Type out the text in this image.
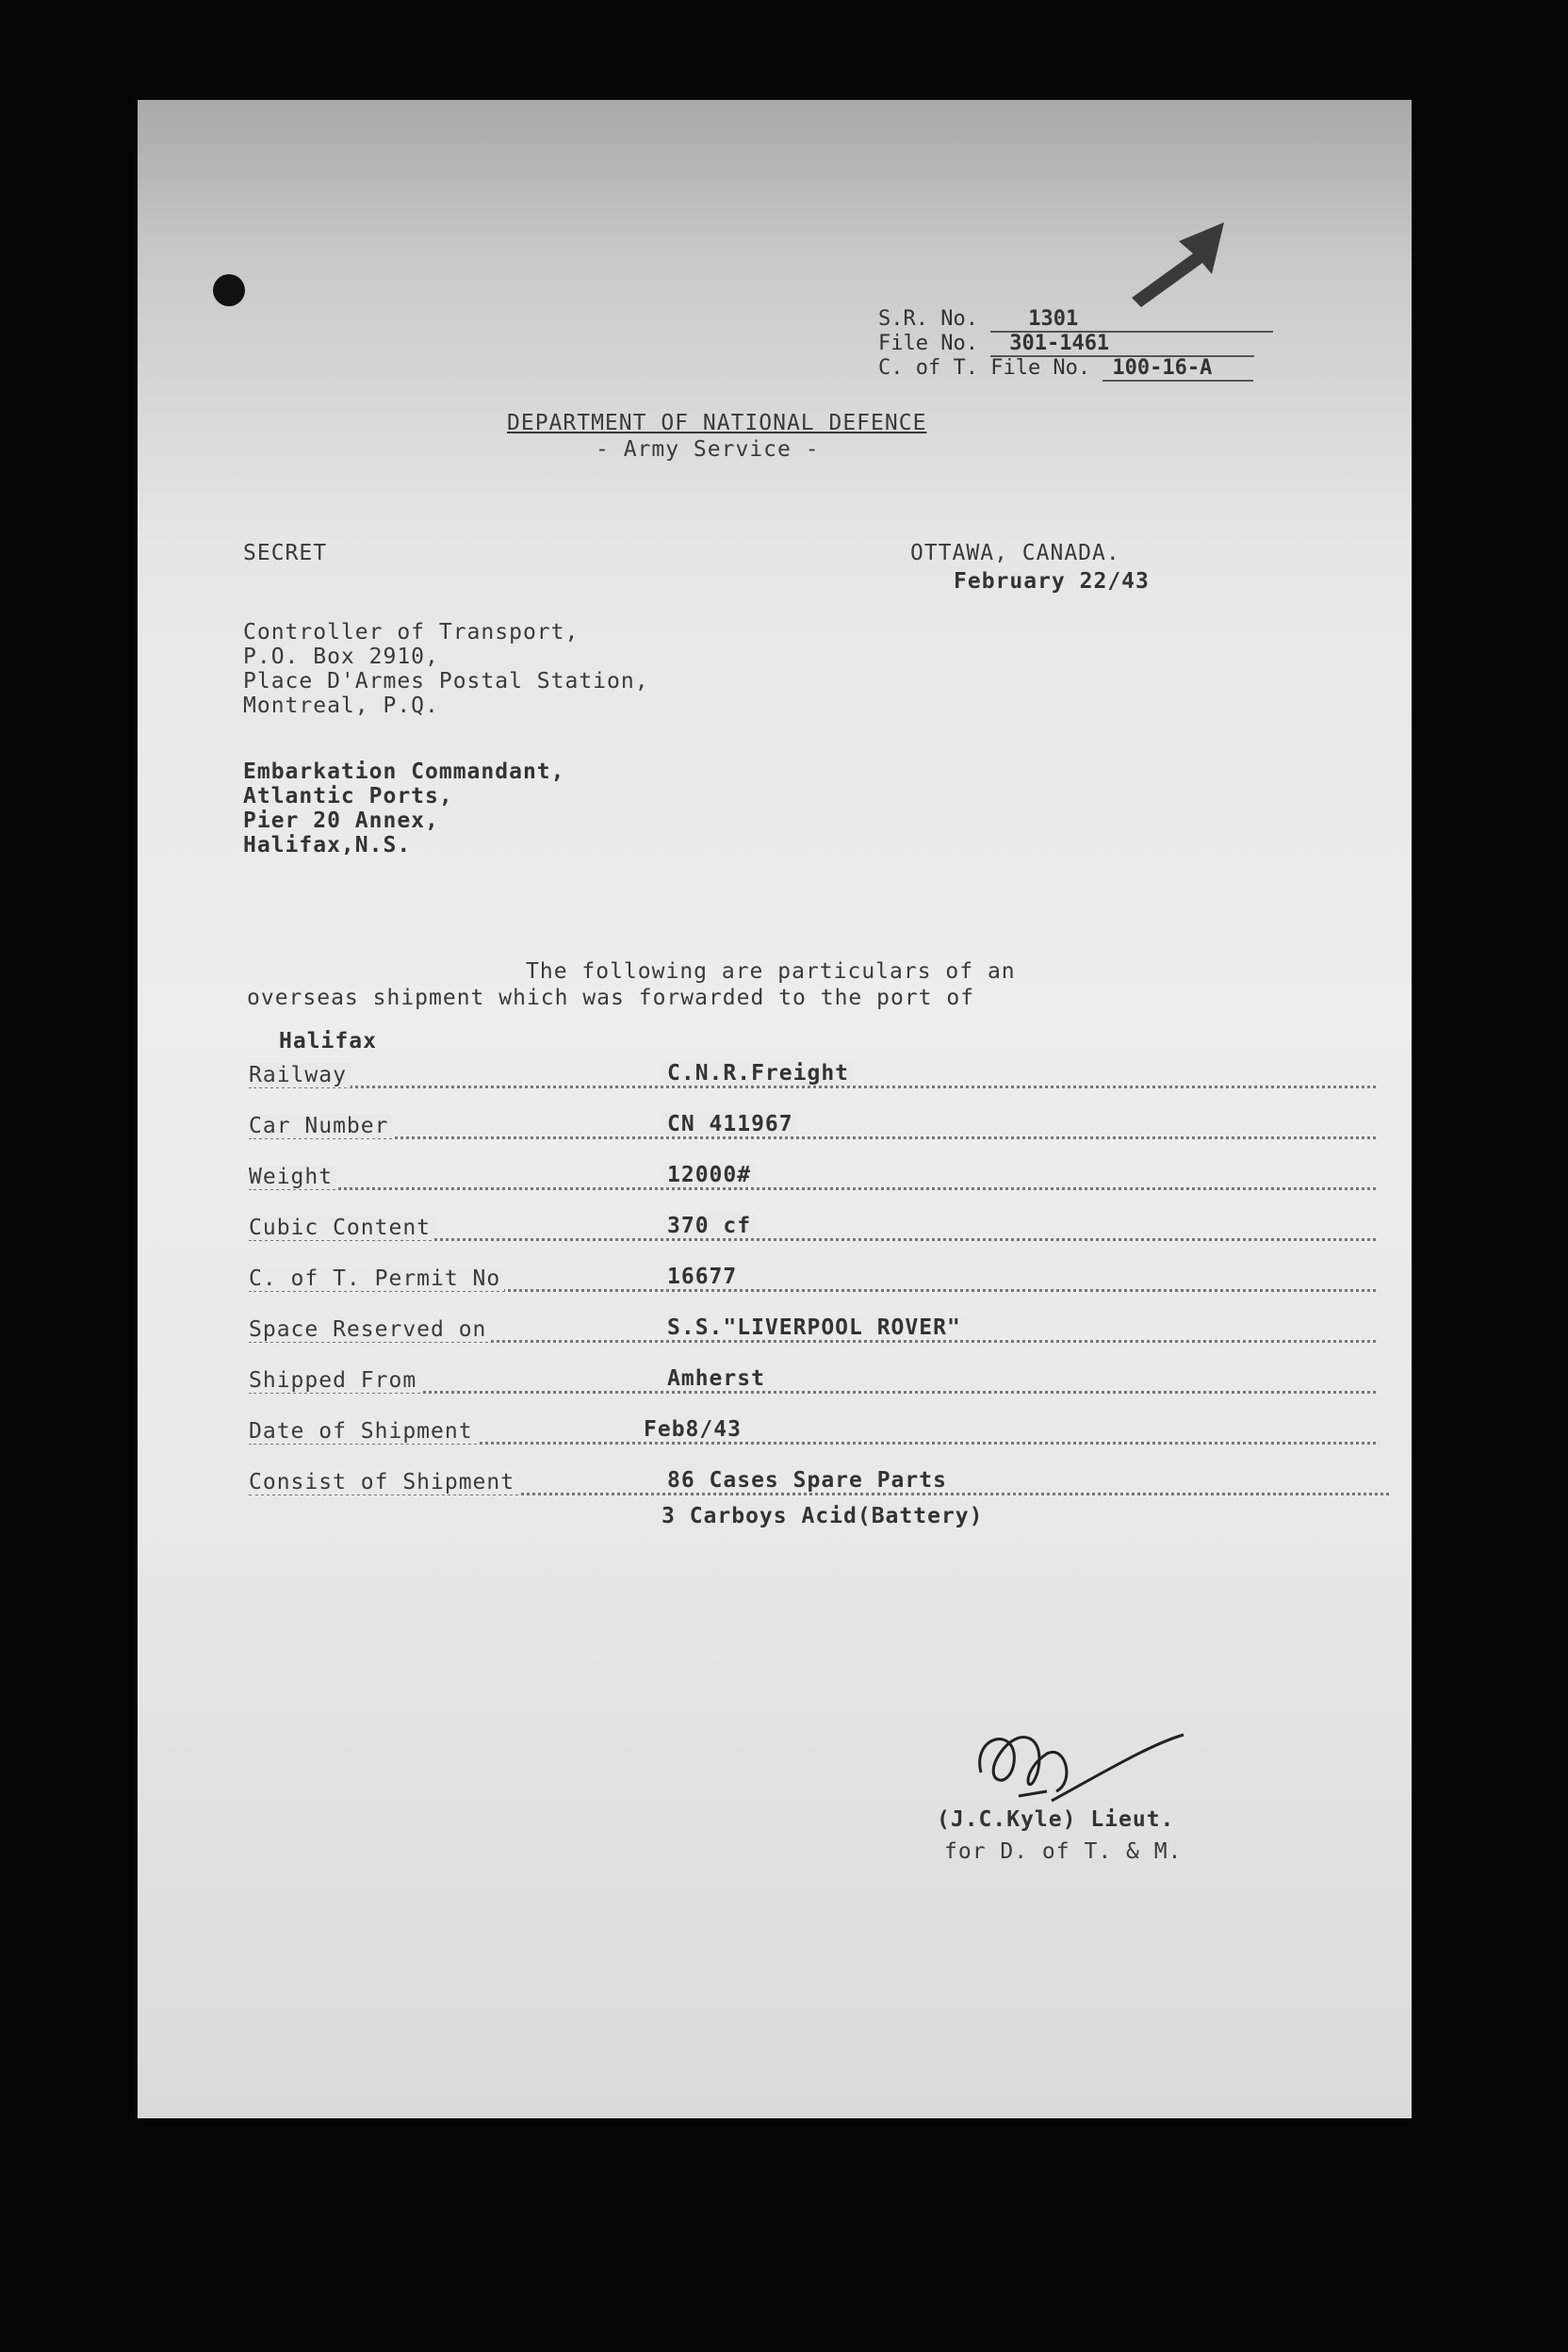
S.R. No. 1301
File No. 301-1461
C. of T. File No. 100-16-A
DEPARTMENT OF NATIONAL DEFENCE
- Army Service -
SECRET	OTTAWA, CANADA.
February 22/43
Controller of Transport,
P.O. Box 2910,
Place D'Armes Postal Station,
Montreal, P.Q.
Embarkation Commandant,
Atlantic Ports,
Pier 20 Annex,
Halifax,N.S.
The following are particulars of an
overseas shipment which was forwarded to the port of
Halifax
Railway	C.N.R.Freight
Car Number	CN 411967
Weight	12000#
Cubic Content	370 cf
C. of T. Permit No	16677
Space Reserved on	S.S."LIVERPOOL ROVER"
Shipped From	Amherst
Date of Shipment	Feb8/43
Consist of Shipment	86 Cases Spare Parts
3 Carboys Acid(Battery)
(J.C.Kyle) Lieut.
for D. of T. & M.
